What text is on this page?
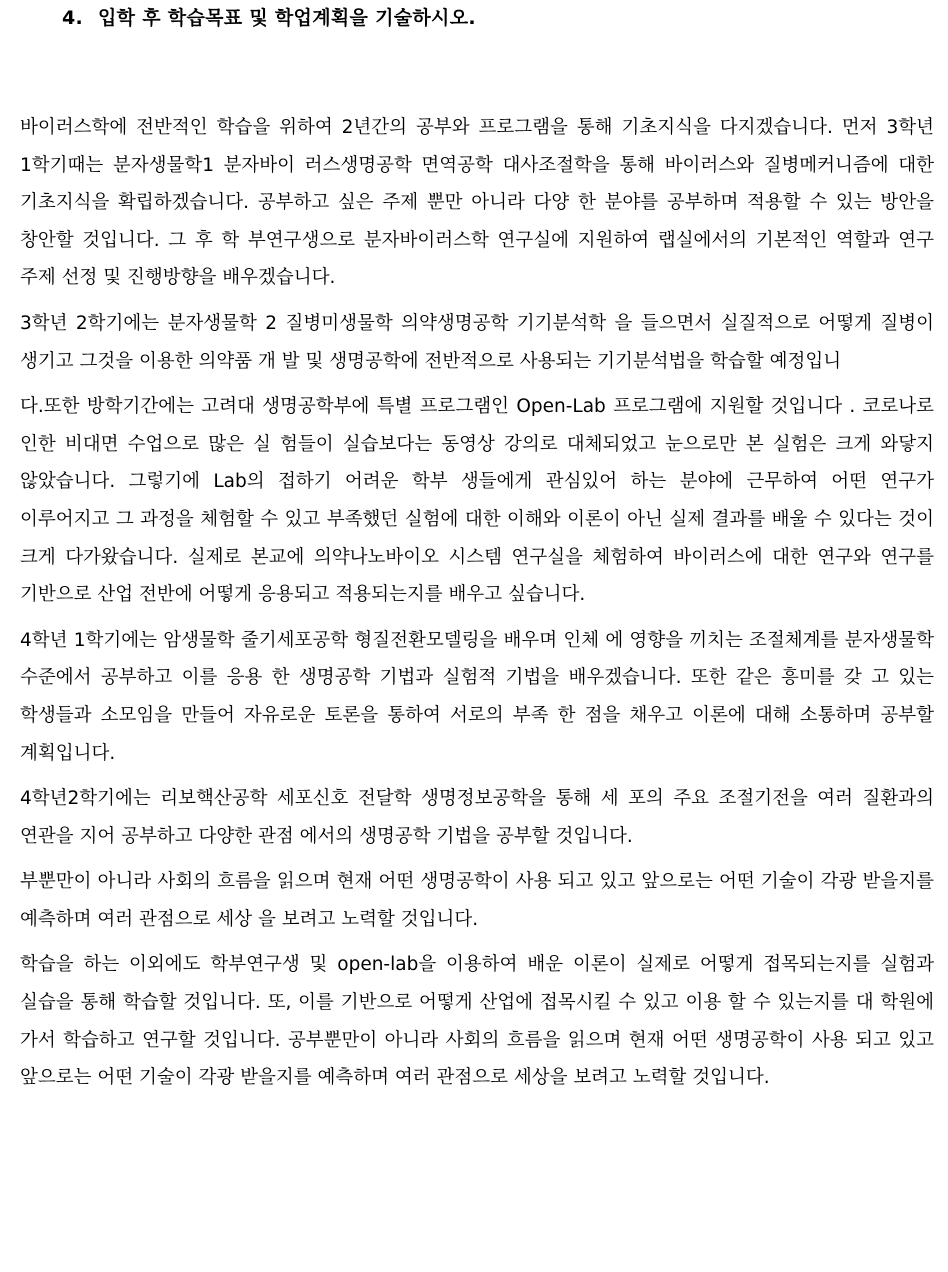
4. 입학 후 학습목표 및 학업계획을 기술하시오.

바이러스학에 전반적인 학습을 위하여 2년간의 공부와 프로그램을 통해 기초지식을 다지겠습니다. 먼저 3학년 1학기때는 분자생물학1 분자바이 러스생명공학 면역공학 대사조절학을 통해 바이러스와 질병메커니즘에 대한 기초지식을 확립하겠습니다. 공부하고 싶은 주제 뿐만 아니라 다양 한 분야를 공부하며 적용할 수 있는 방안을 창안할 것입니다. 그 후 학 부연구생으로 분자바이러스학 연구실에 지원하여 랩실에서의 기본적인 역할과 연구 주제 선정 및 진행방향을 배우겠습니다.

3학년 2학기에는 분자생물학 2 질병미생물학 의약생명공학 기기분석학 을 들으면서 실질적으로 어떻게 질병이 생기고 그것을 이용한 의약품 개 발 및 생명공학에 전반적으로 사용되는 기기분석법을 학습할 예정입니

다.또한 방학기간에는 고려대 생명공학부에 특별 프로그램인 Open-Lab 프로그램에 지원할 것입니다 . 코로나로 인한 비대면 수업으로 많은 실 험들이 실습보다는 동영상 강의로 대체되었고 눈으로만 본 실험은 크게 와닿지 않았습니다. 그렇기에 Lab의 접하기 어려운 학부 생들에게 관심있어 하는 분야에 근무하여 어떤 연구가 이루어지고 그 과정을 체험할 수 있고 부족했던 실험에 대한 이해와 이론이 아닌 실제 결과를 배울 수 있다는 것이 크게 다가왔습니다. 실제로 본교에 의약나노바이오 시스템 연구실을 체험하여 바이러스에 대한 연구와 연구를 기반으로 산업 전반에 어떻게 응용되고 적용되는지를 배우고 싶습니다.

4학년 1학기에는 암생물학 줄기세포공학 형질전환모델링을 배우며 인체 에 영향을 끼치는 조절체계를 분자생물학 수준에서 공부하고 이를 응용 한 생명공학 기법과 실험적 기법을 배우겠습니다. 또한 같은 흥미를 갖 고 있는 학생들과 소모임을 만들어 자유로운 토론을 통하여 서로의 부족 한 점을 채우고 이론에 대해 소통하며 공부할 계획입니다.

4학년2학기에는 리보핵산공학 세포신호 전달학 생명정보공학을 통해 세 포의 주요 조절기전을 여러 질환과의 연관을 지어 공부하고 다양한 관점 에서의 생명공학 기법을 공부할 것입니다.

부뿐만이 아니라 사회의 흐름을 읽으며 현재 어떤 생명공학이 사용 되고 있고 앞으로는 어떤 기술이 각광 받을지를 예측하며 여러 관점으로 세상 을 보려고 노력할 것입니다.

학습을 하는 이외에도 학부연구생 및 open-lab을 이용하여 배운 이론이 실제로 어떻게 접목되는지를 실험과 실습을 통해 학습할 것입니다. 또, 이를 기반으로 어떻게 산업에 접목시킬 수 있고 이용 할 수 있는지를 대 학원에 가서 학습하고 연구할 것입니다. 공부뿐만이 아니라 사회의 흐름을 읽으며 현재 어떤 생명공학이 사용 되고 있고 앞으로는 어떤 기술이 각광 받을지를 예측하며 여러 관점으로 세상을 보려고 노력할 것입니다.
